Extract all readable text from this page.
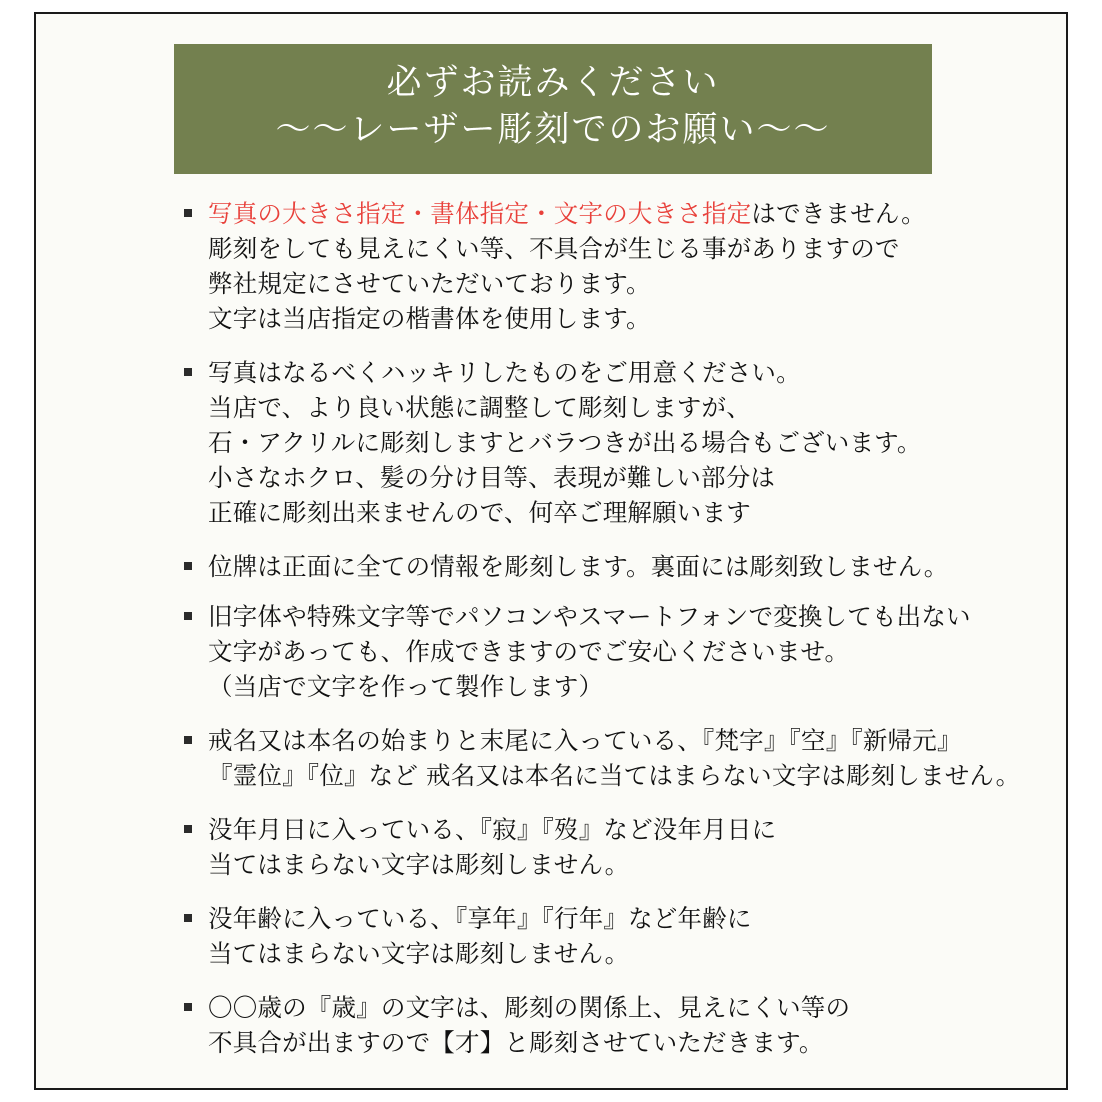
必ずお読みください
〜〜レーザー彫刻でのお願い〜〜
写真の大きさ指定・書体指定・文字の大きさ指定はできません。
彫刻をしても見えにくい等、不具合が生じる事がありますので
弊社規定にさせていただいております。
文字は当店指定の楷書体を使用します。
写真はなるべくハッキリしたものをご用意ください。
当店で、より良い状態に調整して彫刻しますが、
石・アクリルに彫刻しますとバラつきが出る場合もございます。
小さなホクロ、髪の分け目等、表現が難しい部分は
正確に彫刻出来ませんので、何卒ご理解願います
位牌は正面に全ての情報を彫刻します。裏面には彫刻致しません。
旧字体や特殊文字等でパソコンやスマートフォンで変換しても出ない
文字があっても、作成できますのでご安心くださいませ。
（当店で文字を作って製作します）
戒名又は本名の始まりと末尾に入っている、『梵字』『空』『新帰元』
『霊位』『位』など 戒名又は本名に当てはまらない文字は彫刻しません。
没年月日に入っている、『寂』『歿』など没年月日に
当てはまらない文字は彫刻しません。
没年齢に入っている、『享年』『行年』など年齢に
当てはまらない文字は彫刻しません。
〇〇歳の『歳』の文字は、彫刻の関係上、見えにくい等の
不具合が出ますので【才】と彫刻させていただきます。
